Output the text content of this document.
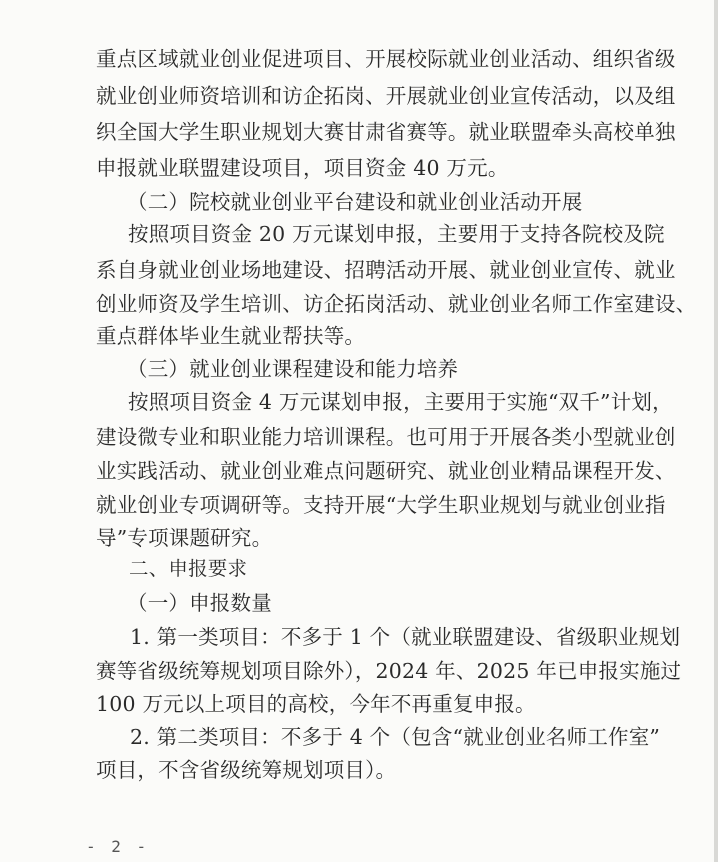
重点区域就业创业促进项目、开展校际就业创业活动、组织省级
就业创业师资培训和访企拓岗、开展就业创业宣传活动，以及组
织全国大学生职业规划大赛甘肃省赛等。就业联盟牵头高校单独
申报就业联盟建设项目，项目资金 40 万元。
（二）院校就业创业平台建设和就业创业活动开展
按照项目资金 20 万元谋划申报，主要用于支持各院校及院
系自身就业创业场地建设、招聘活动开展、就业创业宣传、就业
创业师资及学生培训、访企拓岗活动、就业创业名师工作室建设、
重点群体毕业生就业帮扶等。
（三）就业创业课程建设和能力培养
按照项目资金 4 万元谋划申报，主要用于实施“双千”计划，
建设微专业和职业能力培训课程。也可用于开展各类小型就业创
业实践活动、就业创业难点问题研究、就业创业精品课程开发、
就业创业专项调研等。支持开展“大学生职业规划与就业创业指
导”专项课题研究。
二、申报要求
（一）申报数量
1. 第一类项目：不多于 1 个（就业联盟建设、省级职业规划
赛等省级统筹规划项目除外），2024 年、2025 年已申报实施过
100 万元以上项目的高校，今年不再重复申报。
2. 第二类项目：不多于 4 个（包含“就业创业名师工作室”
项目，不含省级统筹规划项目）。
- 2 -
